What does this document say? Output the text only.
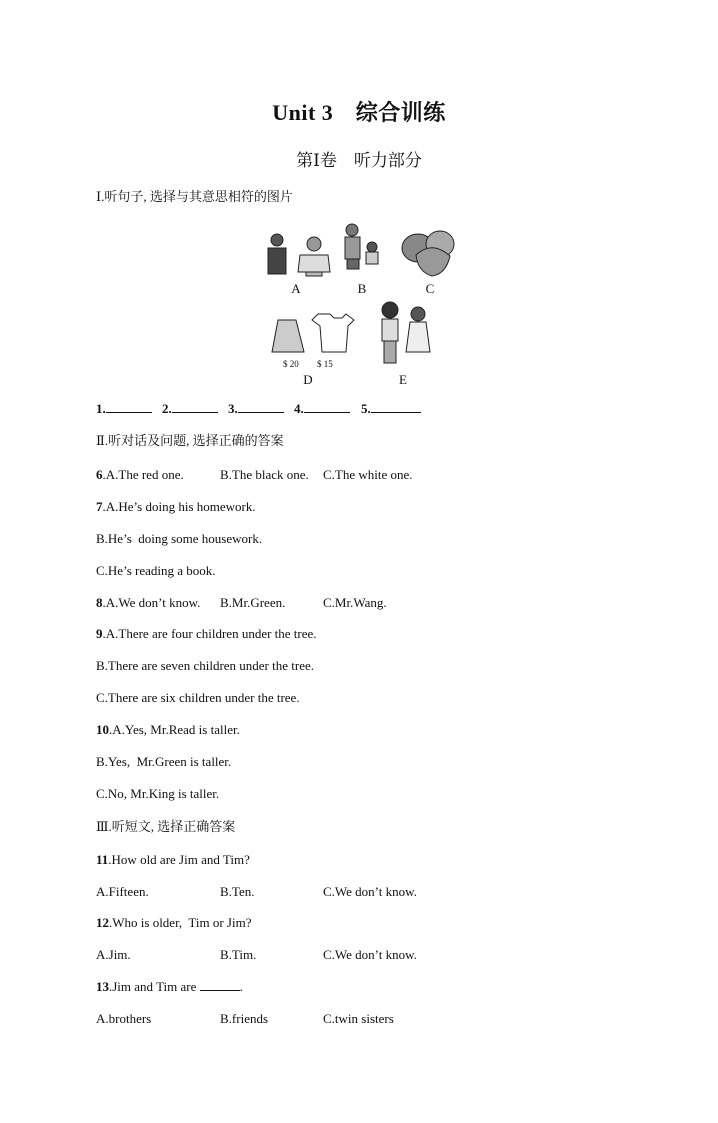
Unit 3　综合训练
第Ⅰ卷　听力部分
Ⅰ.听句子, 选择与其意思相符的图片
A	B	C
$ 20 $ 15
D	E
1.	2.	3.	4.	5.
Ⅱ.听对话及问题, 选择正确的答案
6.A.The red one.	B.The black one. C.The white one.
7.A.He’s doing his homework.
B.He’s  doing some housework.
C.He’s reading a book.
8.A.We don’t know. B.Mr.Green.	C.Mr.Wang.
9.A.There are four children under the tree.
B.There are seven children under the tree.
C.There are six children under the tree.
10.A.Yes, Mr.Read is taller.
B.Yes,  Mr.Green is taller.
C.No, Mr.King is taller.
Ⅲ.听短文, 选择正确答案
11.How old are Jim and Tim?
A.Fifteen.	B.Ten.	C.We don’t know.
12.Who is older,  Tim or Jim?
A.Jim.	B.Tim.	C.We don’t know.
13.Jim and Tim are	.
A.brothers	B.friends	C.twin sisters
